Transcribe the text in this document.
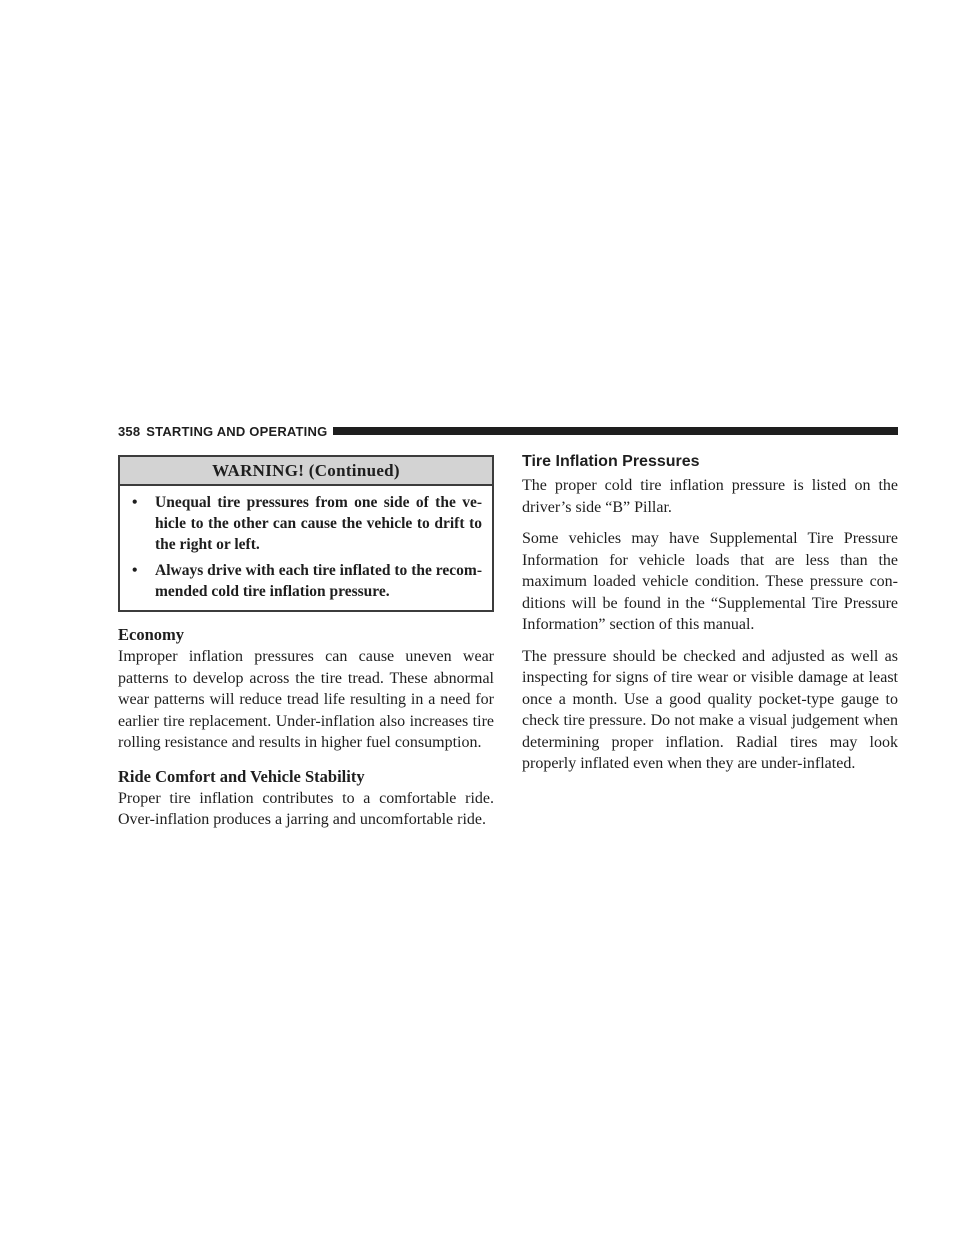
358 STARTING AND OPERATING
WARNING! (Continued)
• Unequal tire pressures from one side of the ve- hicle to the other can cause the vehicle to drift to the right or left.
• Always drive with each tire inflated to the recom- mended cold tire inflation pressure.
Economy

Improper inflation pressures can cause uneven wear patterns to develop across the tire tread. These abnormal wear patterns will reduce tread life resulting in a need for earlier tire replacement. Under-inflation also increases tire rolling resistance and results in higher fuel consumption.

Ride Comfort and Vehicle Stability

Proper tire inflation contributes to a comfortable ride. Over-inflation produces a jarring and uncomfortable ride.

Tire Inflation Pressures

The proper cold tire inflation pressure is listed on the driver’s side “B” Pillar.

Some vehicles may have Supplemental Tire Pressure Information for vehicle loads that are less than the maximum loaded vehicle condition. These pressure con- ditions will be found in the “Supplemental Tire Pressure Information” section of this manual.

The pressure should be checked and adjusted as well as inspecting for signs of tire wear or visible damage at least once a month. Use a good quality pocket-type gauge to check tire pressure. Do not make a visual judgement when determining proper inflation. Radial tires may look properly inflated even when they are under-inflated.
